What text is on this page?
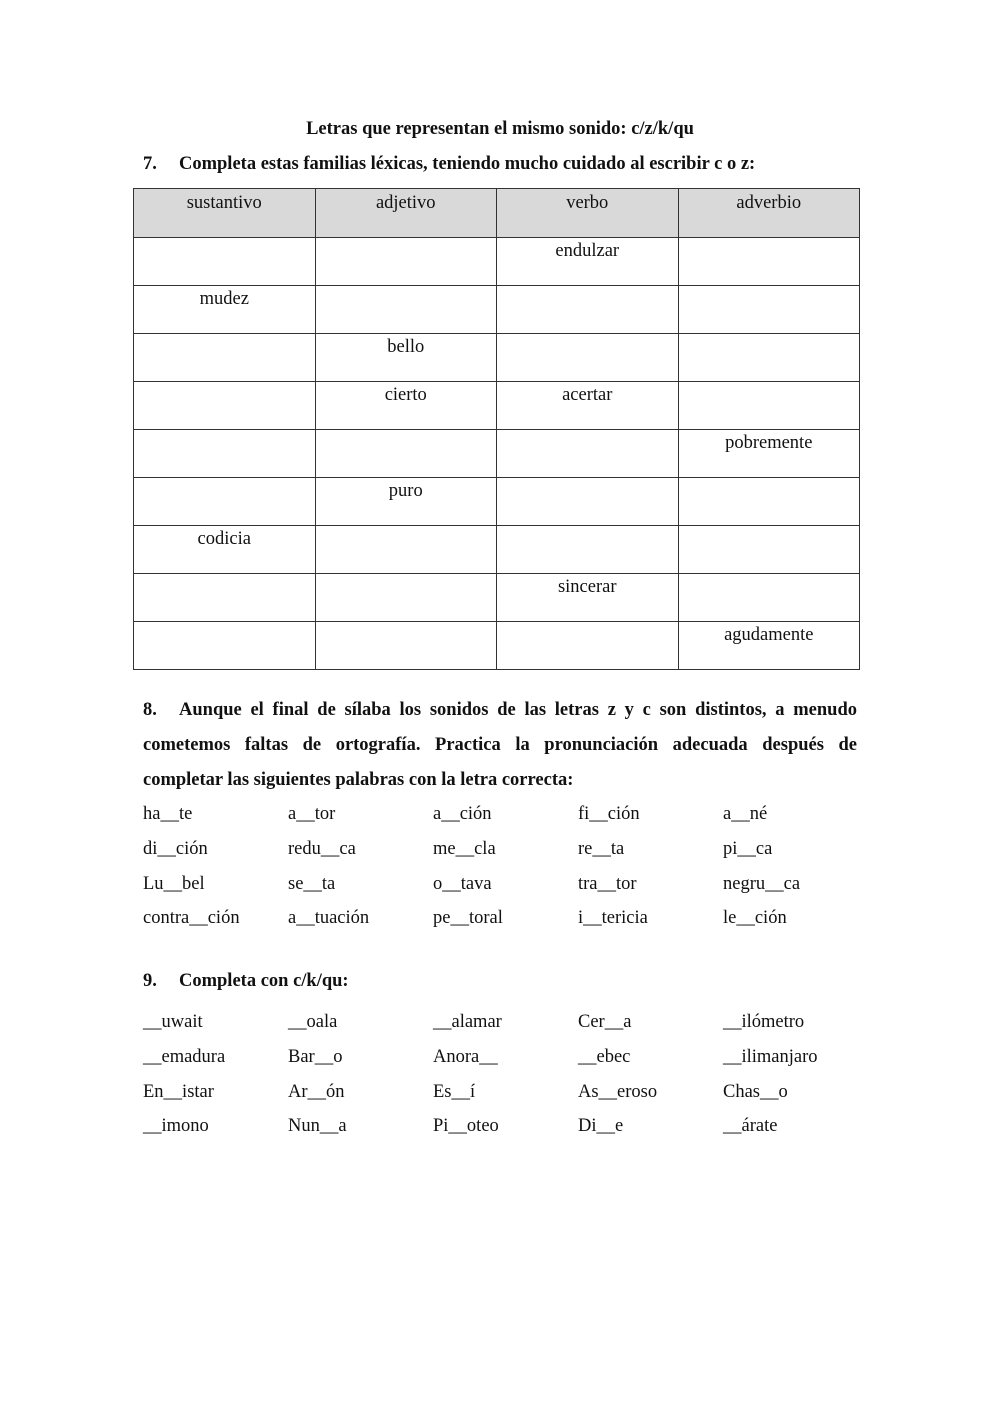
Letras que representan el mismo sonido: c/z/k/qu
7. Completa estas familias léxicas, teniendo mucho cuidado al escribir c o z:
sustantivo	adjetivo	verbo	adverbio
		endulzar	
mudez			
	bello		
	cierto	acertar	
			pobremente
	puro		
codicia			
		sincerar	
			agudamente
8. Aunque el final de sílaba los sonidos de las letras z y c son distintos, a menudo
cometemos faltas de ortografía. Practica la pronunciación adecuada después de
completar las siguientes palabras con la letra correcta:
ha__te	a__tor	a__ción	fi__ción	a__né
di__ción	redu__ca	me__cla	re__ta	pi__ca
Lu__bel	se__ta	o__tava	tra__tor	negru__ca
contra__ción	a__tuación	pe__toral	i__tericia	le__ción
9. Completa con c/k/qu:
__uwait	__oala	__alamar	Cer__a	__ilómetro
__emadura	Bar__o	Anora__	__ebec	__ilimanjaro
En__istar	Ar__ón	Es__í	As__eroso	Chas__o
__imono	Nun__a	Pi__oteo	Di__e	__árate
